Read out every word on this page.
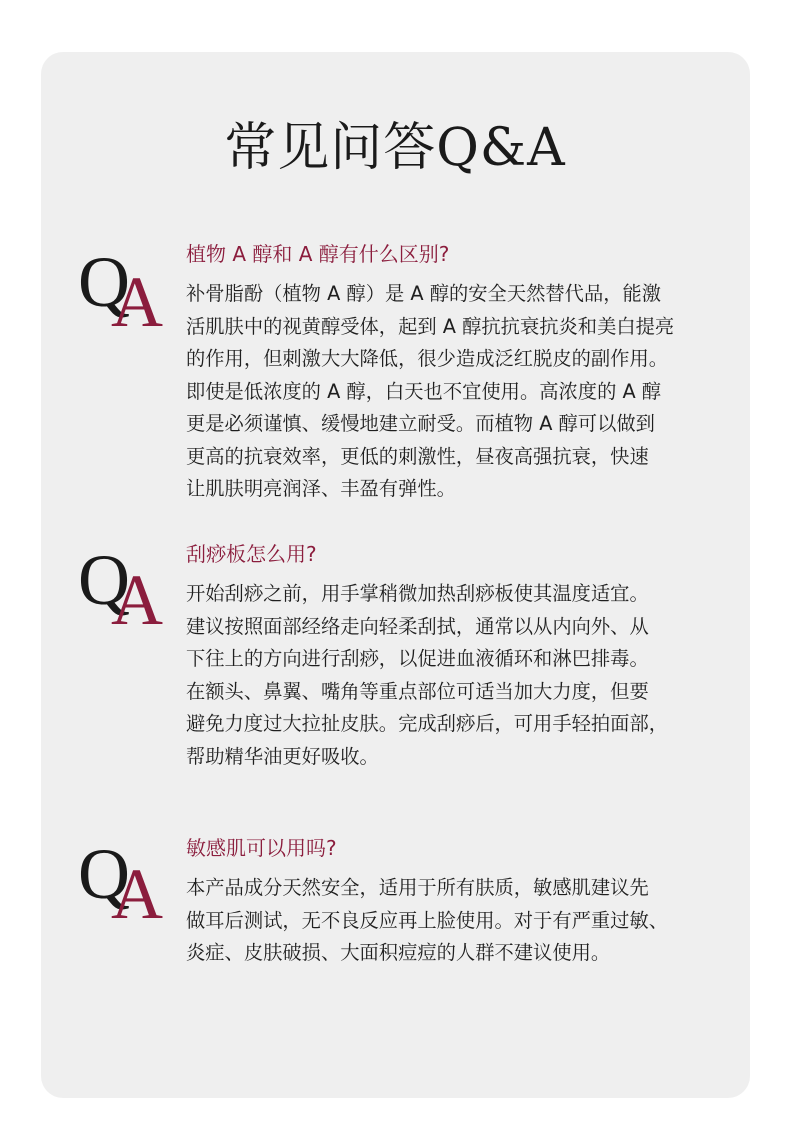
常见问答Q&A
Q
A
植物 A 醇和 A 醇有什么区别?
补骨脂酚（植物 A 醇）是 A 醇的安全天然替代品，能激
活肌肤中的视黄醇受体，起到 A 醇抗抗衰抗炎和美白提亮
的作用，但刺激大大降低，很少造成泛红脱皮的副作用。
即使是低浓度的 A 醇，白天也不宜使用。高浓度的 A 醇
更是必须谨慎、缓慢地建立耐受。而植物 A 醇可以做到
更高的抗衰效率，更低的刺激性，昼夜高强抗衰，快速
让肌肤明亮润泽、丰盈有弹性。
Q
A
刮痧板怎么用?
开始刮痧之前，用手掌稍微加热刮痧板使其温度适宜。
建议按照面部经络走向轻柔刮拭，通常以从内向外、从
下往上的方向进行刮痧，以促进血液循环和淋巴排毒。
在额头、鼻翼、嘴角等重点部位可适当加大力度，但要
避免力度过大拉扯皮肤。完成刮痧后，可用手轻拍面部，
帮助精华油更好吸收。
Q
A
敏感肌可以用吗?
本产品成分天然安全，适用于所有肤质，敏感肌建议先
做耳后测试，无不良反应再上脸使用。对于有严重过敏、
炎症、皮肤破损、大面积痘痘的人群不建议使用。
